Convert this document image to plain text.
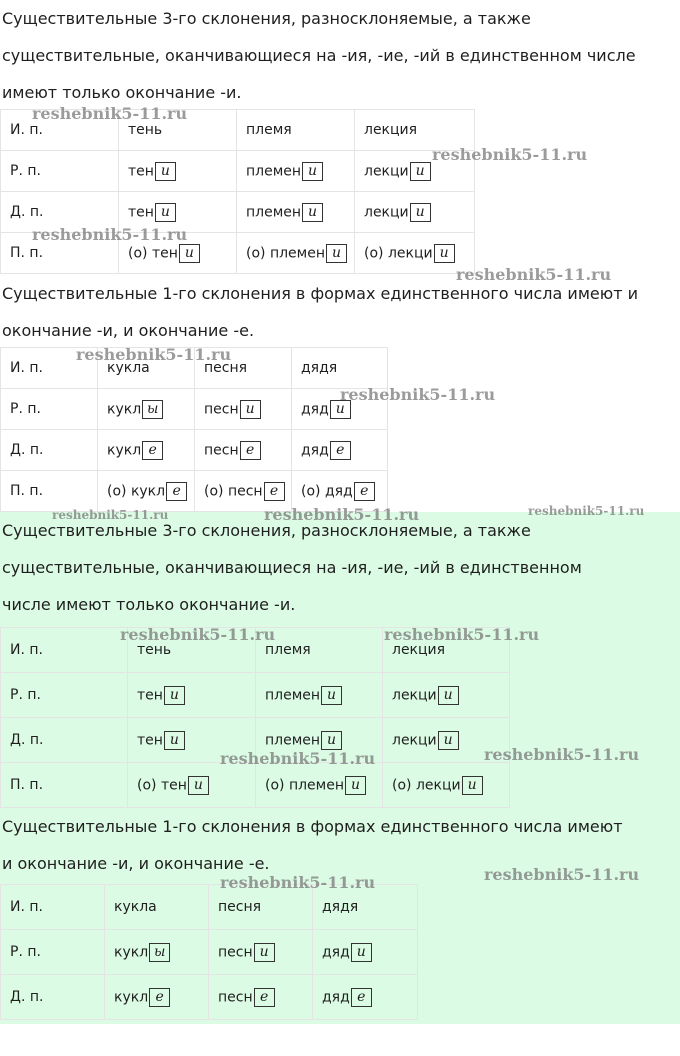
Существительные 3-го склонения, разносклоняемые, а также
существительные, оканчивающиеся на -ия, -ие, -ий в единственном числе
имеют только окончание -и.

И. п.	тень	племя	лекция
Р. п.	тен и	племен и	лекци и
Д. п.	тен и	племен и	лекци и
П. п.	(о) тен и	(о) племен и	(о) лекци и

Существительные 1-го склонения в формах единственного числа имеют и
окончание -и, и окончание -е.

И. п.	кукла	песня	дядя
Р. п.	кукл ы	песн и	дяд и
Д. п.	кукл е	песн е	дяд е
П. п.	(о) кукл е	(о) песн е	(о) дяд е

Существительные 3-го склонения, разносклоняемые, а также
существительные, оканчивающиеся на -ия, -ие, -ий в единственном
числе имеют только окончание -и.

И. п.	тень	племя	лекция
Р. п.	тен и	племен и	лекци и
Д. п.	тен и	племен и	лекци и
П. п.	(о) тен и	(о) племен и	(о) лекци и

Существительные 1-го склонения в формах единственного числа имеют
и окончание -и, и окончание -е.

И. п.	кукла	песня	дядя
Р. п.	кукл ы	песн и	дяд и
Д. п.	кукл е	песн е	дяд е
reshebnik5-11.ru
reshebnik5-11.ru
reshebnik5-11.ru
reshebnik5-11.ru
reshebnik5-11.ru
reshebnik5-11.ru
reshebnik5-11.ru	reshebnik5-11.ru	reshebnik5-11.ru
reshebnik5-11.ru	reshebnik5-11.ru
reshebnik5-11.ru	reshebnik5-11.ru
reshebnik5-11.ru
reshebnik5-11.ru
